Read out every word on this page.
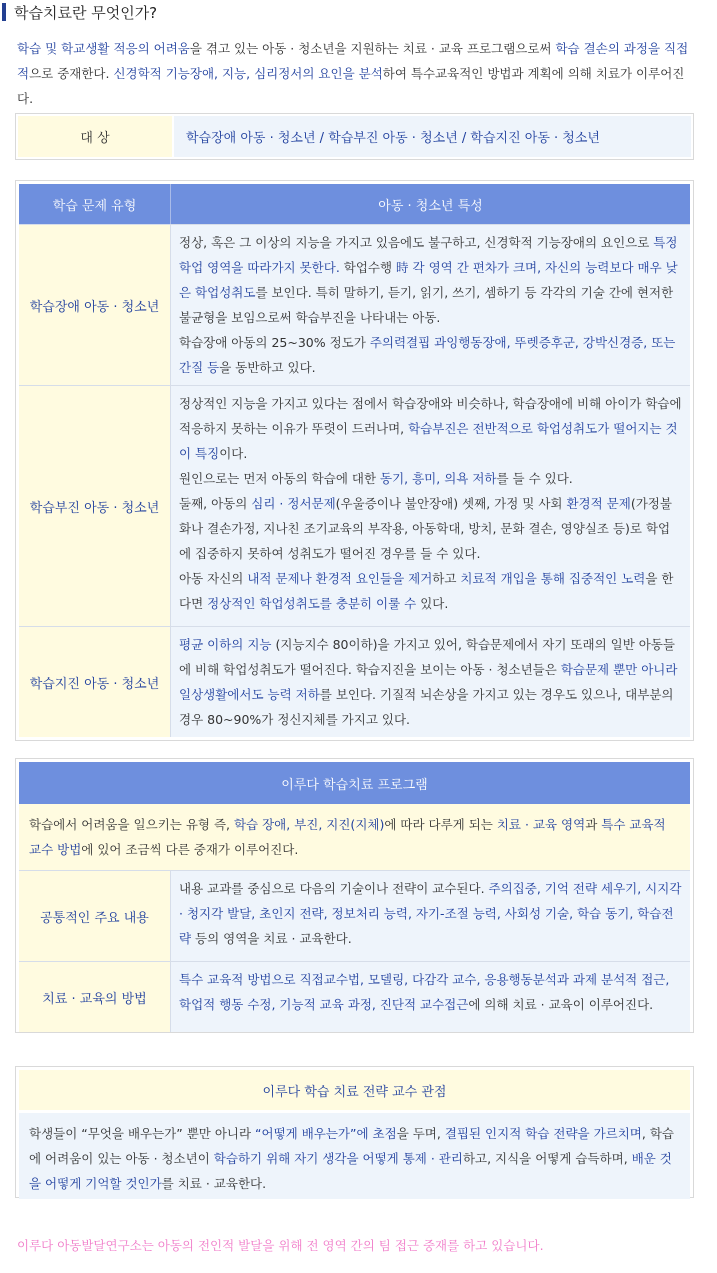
학습치료란 무엇인가?
학습 및 학교생활 적응의 어려움을 겪고 있는 아동 · 청소년을 지원하는 치료 · 교육 프로그램으로써 학습 결손의 과정을 직접적으로 중재한다. 신경학적 기능장애, 지능, 심리정서의 요인을 분석하여 특수교육적인 방법과 계획에 의해 치료가 이루어진다.
대 상	학습장애 아동 · 청소년 / 학습부진 아동 · 청소년 / 학습지진 아동 · 청소년
학습 문제 유형	아동 · 청소년 특성
학습장애 아동 · 청소년

정상, 혹은 그 이상의 지능을 가지고 있음에도 불구하고, 신경학적 기능장애의 요인으로 특정 학업 영역을 따라가지 못한다. 학업수행 時 각 영역 간 편차가 크며, 자신의 능력보다 매우 낮은 학업성취도를 보인다. 특히 말하기, 듣기, 읽기, 쓰기, 셈하기 등 각각의 기술 간에 현저한 불균형을 보임으로써 학습부진을 나타내는 아동.

학습장애 아동의 25~30% 정도가 주의력결핍 과잉행동장애, 뚜렛증후군, 강박신경증, 또는 간질 등을 동반하고 있다.

학습부진 아동 · 청소년

정상적인 지능을 가지고 있다는 점에서 학습장애와 비슷하나, 학습장애에 비해 아이가 학습에 적응하지 못하는 이유가 뚜렷이 드러나며, 학습부진은 전반적으로 학업성취도가 떨어지는 것이 특징이다.

원인으로는 먼저 아동의 학습에 대한 동기, 흥미, 의욕 저하를 들 수 있다.

둘째, 아동의 심리 · 정서문제(우울증이나 불안장애) 셋째, 가정 및 사회 환경적 문제(가정불화나 결손가정, 지나친 조기교육의 부작용, 아동학대, 방치, 문화 결손, 영양실조 등)로 학업에 집중하지 못하여 성취도가 떨어진 경우를 들 수 있다.

아동 자신의 내적 문제나 환경적 요인들을 제거하고 치료적 개입을 통해 집중적인 노력을 한다면 정상적인 학업성취도를 충분히 이룰 수 있다.

학습지진 아동 · 청소년

평균 이하의 지능 (지능지수 80이하)을 가지고 있어, 학습문제에서 자기 또래의 일반 아동들에 비해 학업성취도가 떨어진다. 학습지진을 보이는 아동 · 청소년들은 학습문제 뿐만 아니라 일상생활에서도 능력 저하를 보인다. 기질적 뇌손상을 가지고 있는 경우도 있으나, 대부분의 경우 80~90%가 정신지체를 가지고 있다.

이루다 학습치료 프로그램
학습에서 어려움을 일으키는 유형 즉, 학습 장애, 부진, 지진(지체)에 따라 다루게 되는 치료 · 교육 영역과 특수 교육적 교수 방법에 있어 조금씩 다른 중재가 이루어진다.
공통적인 주요 내용

내용 교과를 중심으로 다음의 기술이나 전략이 교수된다. 주의집중, 기억 전략 세우기, 시지각 · 청지각 발달, 초인지 전략, 정보처리 능력, 자기-조절 능력, 사회성 기술, 학습 동기, 학습전략 등의 영역을 치료 · 교육한다.

치료 · 교육의 방법

특수 교육적 방법으로 직접교수법, 모델링, 다감각 교수, 응용행동분석과 과제 분석적 접근, 학업적 행동 수정, 기능적 교육 과정, 진단적 교수접근에 의해 치료 · 교육이 이루어진다.

이루다 학습 치료 전략 교수 관점
학생들이 “무엇을 배우는가” 뿐만 아니라 “어떻게 배우는가”에 초점을 두며, 결핍된 인지적 학습 전략을 가르치며, 학습에 어려움이 있는 아동 · 청소년이 학습하기 위해 자기 생각을 어떻게 통제 · 관리하고, 지식을 어떻게 습득하며, 배운 것을 어떻게 기억할 것인가를 치료 · 교육한다.
이루다 아동발달연구소는 아동의 전인적 발달을 위해 전 영역 간의 팀 접근 중재를 하고 있습니다.
